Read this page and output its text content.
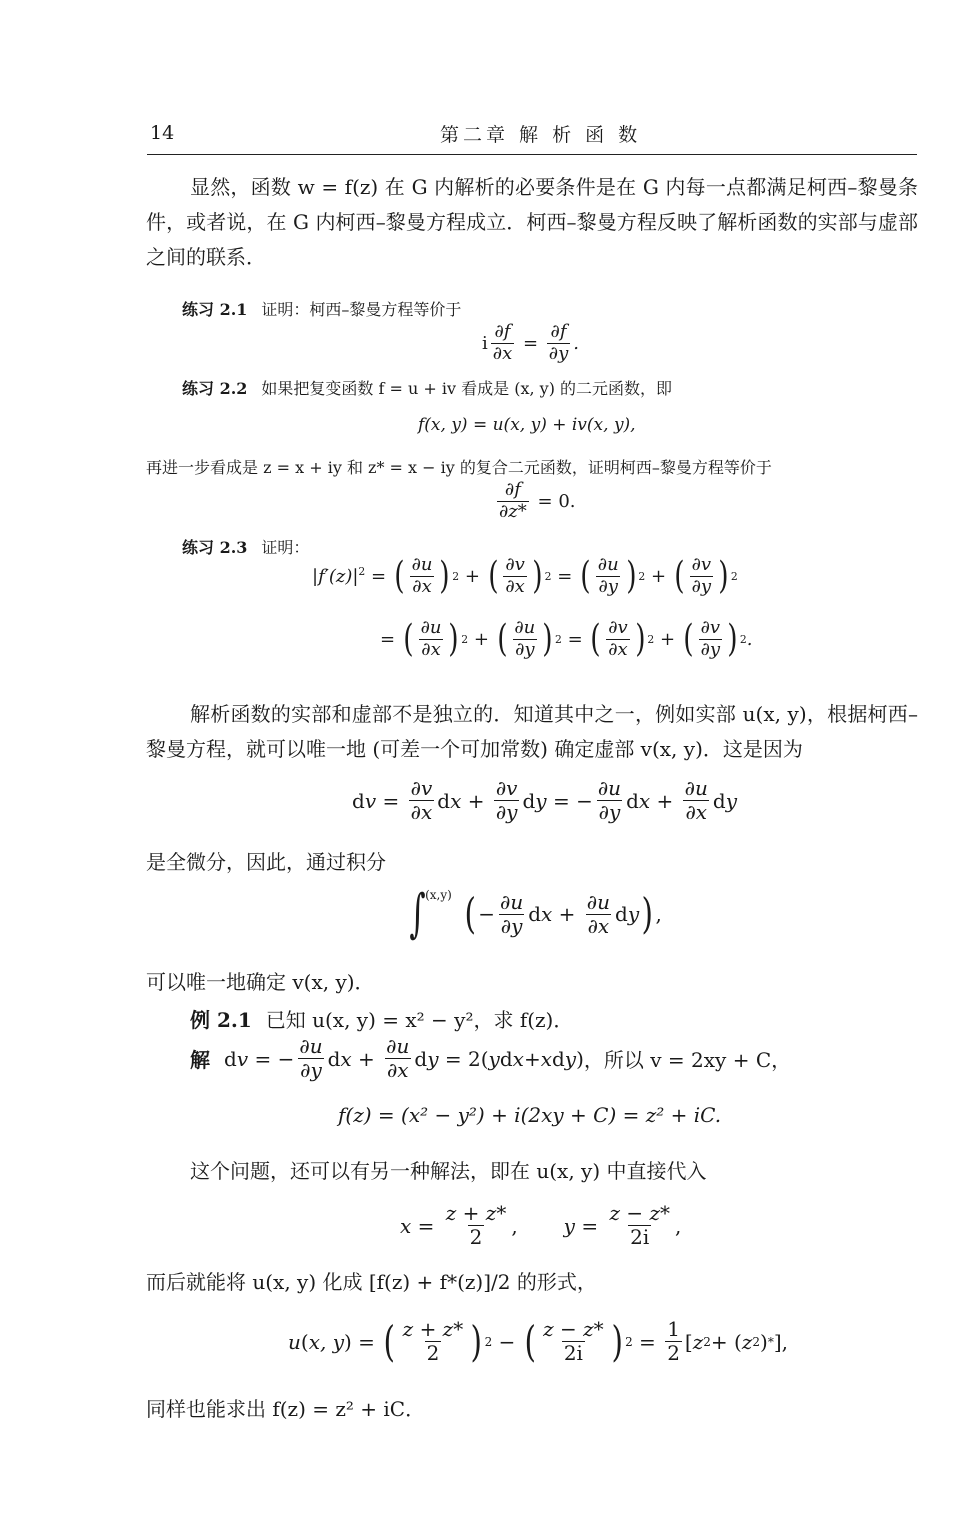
14	第二章 解 析 函 数
显然，函数 w = f(z) 在 G 内解析的必要条件是在 G 内每一点都满足柯西–黎曼条件，或者说，在 G 内柯西–黎曼方程成立．柯西–黎曼方程反映了解析函数的实部与虚部之间的联系．
练习 2.1 证明：柯西–黎曼方程等价于
i $\frac{\partial f}{\partial x} = \frac{\partial f}{\partial y}$ .
练习 2.2 如果把复变函数 f = u + iv 看成是 (x, y) 的二元函数，即
f(x, y) = u(x, y) + iv(x, y),
再进一步看成是 z = x + iy 和 z* = x − iy 的复合二元函数，证明柯西–黎曼方程等价于
$\frac{\partial f}{\partial z*} = 0$.
练习 2.3 证明：
$|f'(z)|^2$ = ( $\frac{\partial u}{\partial x}$ ) 2 + ( $\frac{\partial v}{\partial x}$ ) 2 = ( $\frac{\partial u}{\partial y}$ ) 2 + ( $\frac{\partial v}{\partial y}$ ) 2
= ( $\frac{\partial u}{\partial x}$ ) 2 + ( $\frac{\partial u}{\partial y}$ ) 2 = ( $\frac{\partial v}{\partial x}$ ) 2 + ( $\frac{\partial v}{\partial y}$ ) 2 .
解析函数的实部和虚部不是独立的．知道其中之一，例如实部 u(x, y)，根据柯西–黎曼方程，就可以唯一地 (可差一个可加常数) 确定虚部 v(x, y)．这是因为
d $v = \frac{\partial v}{\partial x}$ d $x + \frac{\partial v}{\partial y}$ d y = − $\frac{\partial u}{\partial y}$ d $x + \frac{\partial u}{\partial x}$ d y
是全微分，因此，通过积分
∫ (x,y) ( − $\frac{\partial u}{\partial y}$ d $x + \frac{\partial u}{\partial x}$ d y ) ,
可以唯一地确定 v(x, y)．
例 2.1 已知 u(x, y) = x² − y²，求 f(z)．
解 d v = − $\frac{\partial u}{\partial y}$ d $x + \frac{\partial u}{\partial x}$ d y = 2( y d x + x d y ) ，所以 v = 2xy + C，
f(z) = (x² − y²) + i(2xy + C) = z² + iC.
这个问题，还可以有另一种解法，即在 u(x, y) 中直接代入
$x = \frac{z + z*}{2}$ , $y = \frac{z - z*}{2i}$ ,
而后就能将 u(x, y) 化成 [f(z) + f*(z)]/2 的形式，
u ( x, y ) = ( $\frac{z + z*}{2}$ ) 2 − ( $\frac{z - z*}{2i}$ ) $2 = \frac{1}{2}$ [ z 2 + ( z 2 ) * ],
同样也能求出 f(z) = z² + iC．
